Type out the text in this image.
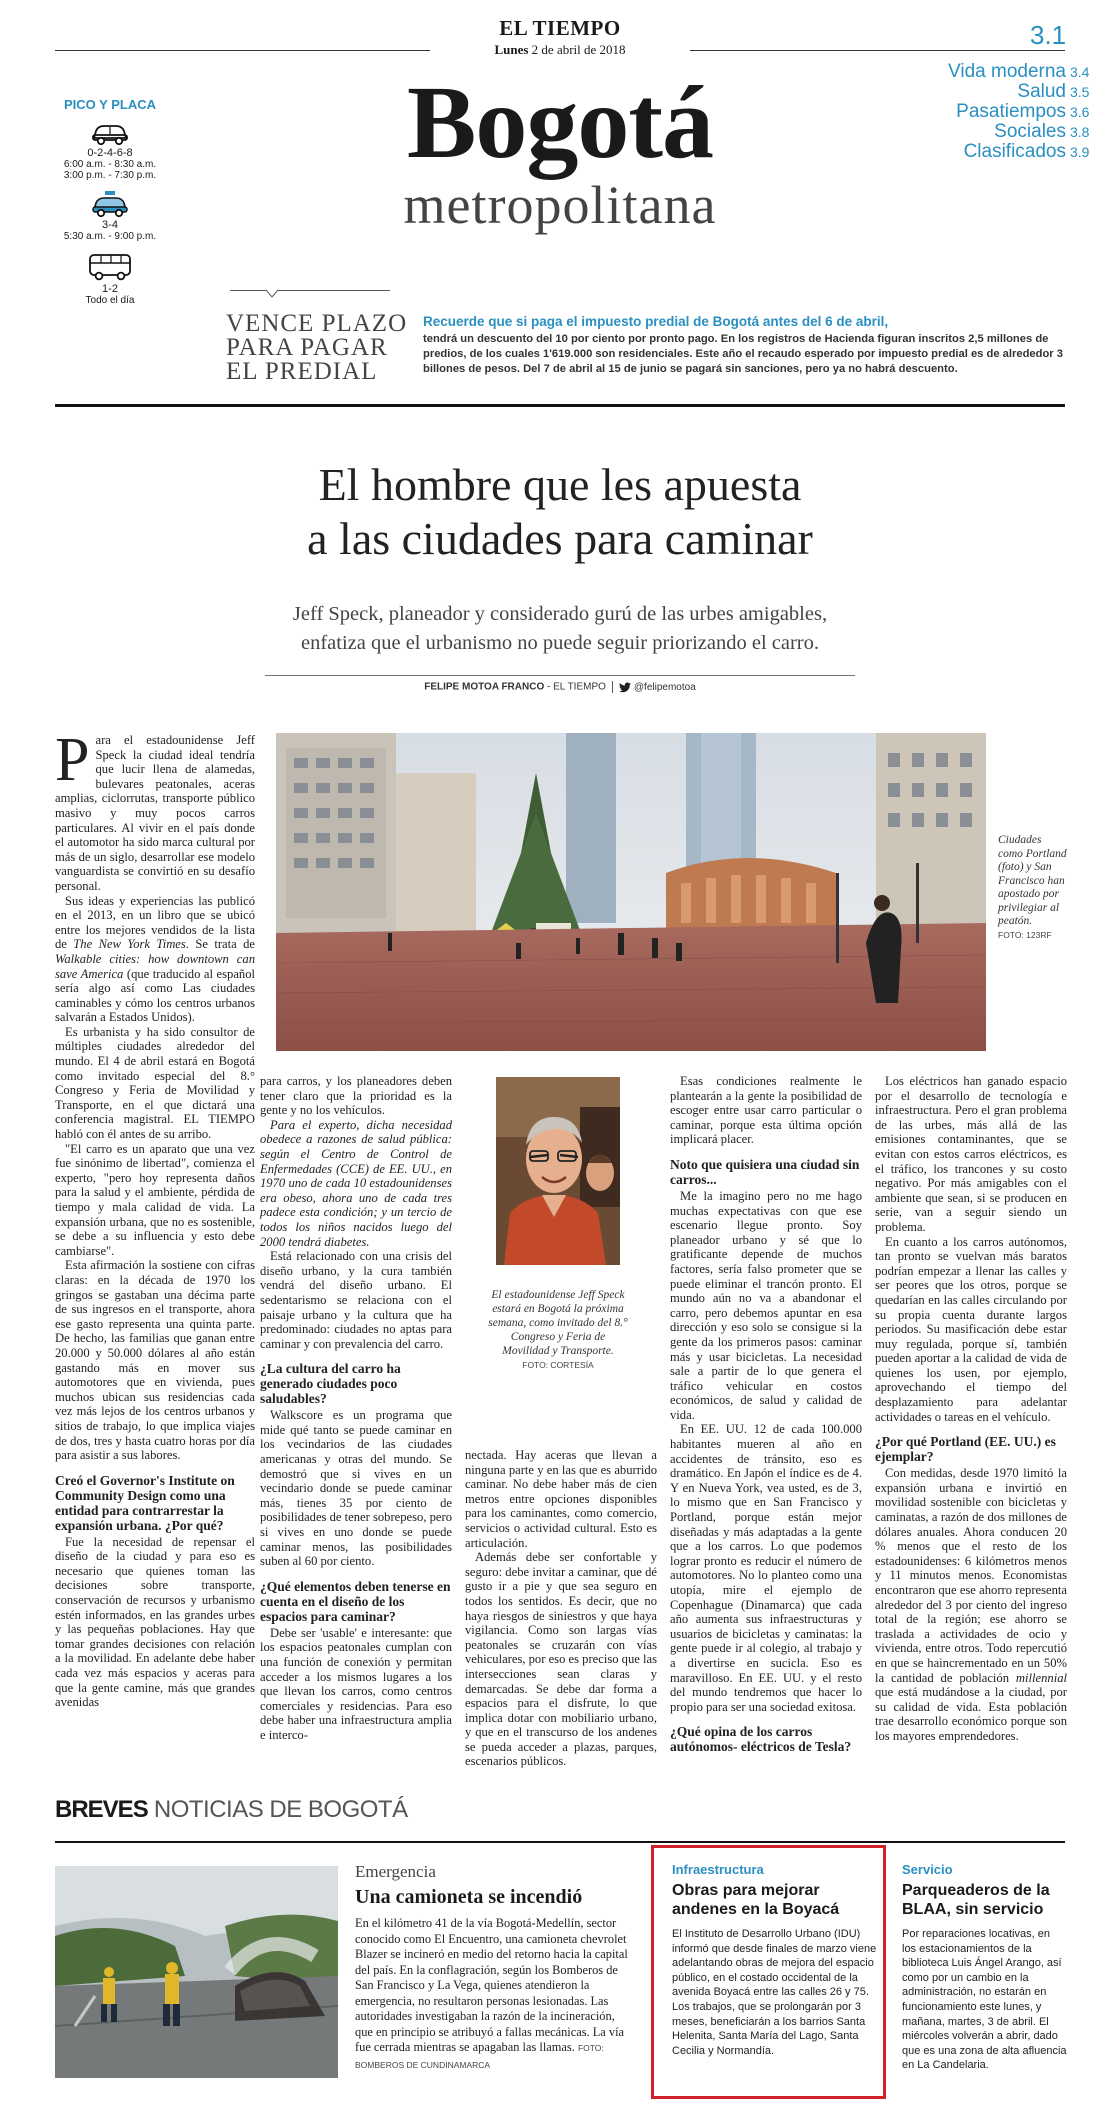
EL TIEMPO
Lunes 2 de abril de 2018	3.1
Vida moderna 3.4
Salud 3.5
Pasatiempos 3.6
Sociales 3.8
Clasificados 3.9
PICO Y PLACA
0-2-4-6-8
6:00 a.m. - 8:30 a.m.
3:00 p.m. - 7:30 p.m.
3-4
5:30 a.m. - 9:00 p.m.
1-2
Todo el día
Bogotá
metropolitana
VENCE PLAZO
PARA PAGAR
EL PREDIAL
Recuerde que si paga el impuesto predial de Bogotá antes del 6 de abril,
tendrá un descuento del 10 por ciento por pronto pago. En los registros de Hacienda figuran inscritos 2,5 millones de predios, de los cuales 1'619.000 son residenciales. Este año el recaudo esperado por impuesto predial es de alrededor 3 billones de pesos. Del 7 de abril al 15 de junio se pagará sin sanciones, pero ya no habrá descuento.
El hombre que les apuesta
a las ciudades para caminar
Jeff Speck, planeador y considerado gurú de las urbes amigables,
enfatiza que el urbanismo no puede seguir priorizando el carro.
FELIPE MOTOA FRANCO - EL TIEMPO	@felipemotoa
Ciudades como Portland (foto) y San Francisco han apostado por privilegiar al peatón.
FOTO: 123RF
El estadounidense Jeff Speck estará en Bogotá la próxima semana, como invitado del 8.° Congreso y Feria de Movilidad y Transporte.
FOTO: CORTESÍA

Para el estadounidense Jeff Speck la ciudad ideal tendría que lucir llena de alamedas, bulevares peatonales, aceras amplias, ciclorrutas, transporte público masivo y muy pocos carros particulares. Al vivir en el país donde el automotor ha sido marca cultural por más de un siglo, desarrollar ese modelo vanguardista se convirtió en su desafío personal.

Sus ideas y experiencias las publicó en el 2013, en un libro que se ubicó entre los mejores vendidos de la lista de The New York Times. Se trata de Walkable cities: how downtown can save America (que traducido al español sería algo así como Las ciudades caminables y cómo los centros urbanos salvarán a Estados Unidos).

Es urbanista y ha sido consultor de múltiples ciudades alrededor del mundo. El 4 de abril estará en Bogotá como invitado especial del 8.° Congreso y Feria de Movilidad y Transporte, en el que dictará una conferencia magistral. EL TIEMPO habló con él antes de su arribo.

"El carro es un aparato que una vez fue sinónimo de libertad", comienza el experto, "pero hoy representa daños para la salud y el ambiente, pérdida de tiempo y mala calidad de vida. La expansión urbana, que no es sostenible, se debe a su influencia y esto debe cambiarse".

Esta afirmación la sostiene con cifras claras: en la década de 1970 los gringos se gastaban una décima parte de sus ingresos en el transporte, ahora ese gasto representa una quinta parte. De hecho, las familias que ganan entre 20.000 y 50.000 dólares al año están gastando más en mover sus automotores que en vivienda, pues muchos ubican sus residencias cada vez más lejos de los centros urbanos y sitios de trabajo, lo que implica viajes de dos, tres y hasta cuatro horas por día para asistir a sus labores.

Creó el Governor's Institute on Community Design como una entidad para contrarrestar la expansión urbana. ¿Por qué?

Fue la necesidad de repensar el diseño de la ciudad y para eso es necesario que quienes toman las decisiones sobre transporte, conservación de recursos y urbanismo estén informados, en las grandes urbes y las pequeñas poblaciones. Hay que tomar grandes decisiones con relación a la movilidad. En adelante debe haber cada vez más espacios y aceras para que la gente camine, más que grandes avenidas

para carros, y los planeadores deben tener claro que la prioridad es la gente y no los vehículos.

Para el experto, dicha necesidad obedece a razones de salud pública: según el Centro de Control de Enfermedades (CCE) de EE. UU., en 1970 uno de cada 10 estadounidenses era obeso, ahora uno de cada tres padece esta condición; y un tercio de todos los niños nacidos luego del 2000 tendrá diabetes.

Está relacionado con una crisis del diseño urbano, y la cura también vendrá del diseño urbano. El sedentarismo se relaciona con el paisaje urbano y la cultura que ha predominado: ciudades no aptas para caminar y con prevalencia del carro.

¿La cultura del carro ha generado ciudades poco saludables?

Walkscore es un programa que mide qué tanto se puede caminar en los vecindarios de las ciudades americanas y otras del mundo. Se demostró que si vives en un vecindario donde se puede caminar más, tienes 35 por ciento de posibilidades de tener sobrepeso, pero si vives en uno donde se puede caminar menos, las posibilidades suben al 60 por ciento.

¿Qué elementos deben tenerse en cuenta en el diseño de los espacios para caminar?

Debe ser 'usable' e interesante: que los espacios peatonales cumplan con una función de conexión y permitan acceder a los mismos lugares a los que llevan los carros, como centros comerciales y residencias. Para eso debe haber una infraestructura amplia e interco-

nectada. Hay aceras que llevan a ninguna parte y en las que es aburrido caminar. No debe haber más de cien metros entre opciones disponibles para los caminantes, como comercio, servicios o actividad cultural. Esto es articulación.

Además debe ser confortable y seguro: debe invitar a caminar, que dé gusto ir a pie y que sea seguro en todos los sentidos. Es decir, que no haya riesgos de siniestros y que haya vigilancia. Como son largas vías peatonales se cruzarán con vías vehiculares, por eso es preciso que las intersecciones sean claras y demarcadas. Se debe dar forma a espacios para el disfrute, lo que implica dotar con mobiliario urbano, y que en el transcurso de los andenes se pueda acceder a plazas, parques, escenarios públicos.

Esas condiciones realmente le plantearán a la gente la posibilidad de escoger entre usar carro particular o caminar, porque esta última opción implicará placer.

Noto que quisiera una ciudad sin carros...

Me la imagino pero no me hago muchas expectativas con que ese escenario llegue pronto. Soy planeador urbano y sé que lo gratificante depende de muchos factores, sería falso prometer que se puede eliminar el trancón pronto. El mundo aún no va a abandonar el carro, pero debemos apuntar en esa dirección y eso solo se consigue si la gente da los primeros pasos: caminar más y usar bicicletas. La necesidad sale a partir de lo que genera el tráfico vehicular en costos económicos, de salud y calidad de vida.

En EE. UU. 12 de cada 100.000 habitantes mueren al año en accidentes de tránsito, eso es dramático. En Japón el índice es de 4. Y en Nueva York, vea usted, es de 3, lo mismo que en San Francisco y Portland, porque están mejor diseñadas y más adaptadas a la gente que a los carros. Lo que podemos lograr pronto es reducir el número de automotores. No lo planteo como una utopía, mire el ejemplo de Copenhague (Dinamarca) que cada año aumenta sus infraestructuras y usuarios de bicicletas y caminatas: la gente puede ir al colegio, al trabajo y a divertirse en sucicla. Eso es maravilloso. En EE. UU. y el resto del mundo tendremos que hacer lo propio para ser una sociedad exitosa.

¿Qué opina de los carros autónomos- eléctricos de Tesla?

Los eléctricos han ganado espacio por el desarrollo de tecnología e infraestructura. Pero el gran problema de las urbes, más allá de las emisiones contaminantes, que se evitan con estos carros eléctricos, es el tráfico, los trancones y su costo negativo. Por más amigables con el ambiente que sean, si se producen en serie, van a seguir siendo un problema.

En cuanto a los carros autónomos, tan pronto se vuelvan más baratos podrían empezar a llenar las calles y ser peores que los otros, porque se quedarían en las calles circulando por su propia cuenta durante largos periodos. Su masificación debe estar muy regulada, porque sí, también pueden aportar a la calidad de vida de quienes los usen, por ejemplo, aprovechando el tiempo del desplazamiento para adelantar actividades o tareas en el vehículo.

¿Por qué Portland (EE. UU.) es ejemplar?

Con medidas, desde 1970 limitó la expansión urbana e invirtió en movilidad sostenible con bicicletas y caminatas, a razón de dos millones de dólares anuales. Ahora conducen 20 % menos que el resto de los estadounidenses: 6 kilómetros menos y 11 minutos menos. Economistas encontraron que ese ahorro representa alrededor del 3 por ciento del ingreso total de la región; ese ahorro se traslada a actividades de ocio y vivienda, entre otros. Todo repercutió en que se haincrementado en un 50% la cantidad de población millennial que está mudándose a la ciudad, por su calidad de vida. Esta población trae desarrollo económico porque son los mayores emprendedores.

BREVES NOTICIAS DE BOGOTÁ
Emergencia
Una camioneta se incendió
En el kilómetro 41 de la vía Bogotá-Medellín, sector conocido como El Encuentro, una camioneta chevrolet Blazer se incineró en medio del retorno hacia la capital del país. En la conflagración, según los Bomberos de San Francisco y La Vega, quienes atendieron la emergencia, no resultaron personas lesionadas. Las autoridades investigaban la razón de la incineración, que en principio se atribuyó a fallas mecánicas. La vía fue cerrada mientras se apagaban las llamas. FOTO: BOMBEROS DE CUNDINAMARCA
Infraestructura
Obras para mejorar andenes en la Boyacá
El Instituto de Desarrollo Urbano (IDU) informó que desde finales de marzo viene adelantando obras de mejora del espacio público, en el costado occidental de la avenida Boyacá entre las calles 26 y 75. Los trabajos, que se prolongarán por 3 meses, beneficiarán a los barrios Santa Helenita, Santa María del Lago, Santa Cecilia y Normandía.
Servicio
Parqueaderos de la BLAA, sin servicio
Por reparaciones locativas, en los estacionamientos de la biblioteca Luis Ángel Arango, así como por un cambio en la administración, no estarán en funcionamiento este lunes, y mañana, martes, 3 de abril. El miércoles volverán a abrir, dado que es una zona de alta afluencia en La Candelaria.
